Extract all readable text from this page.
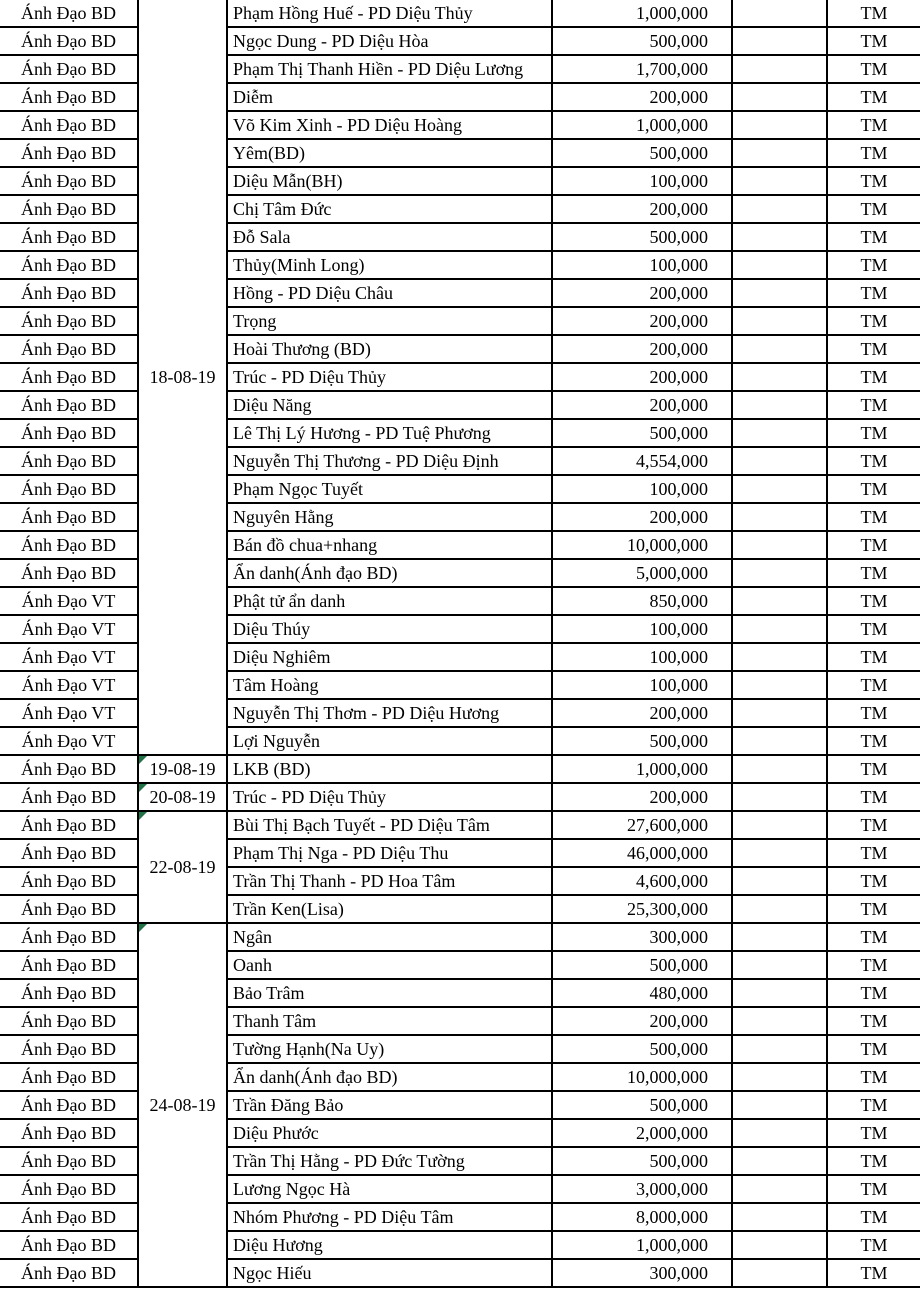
Ánh Đạo BD	18-08-19	Phạm Hồng Huế - PD Diệu Thủy	1,000,000		TM
Ánh Đạo BD		Ngọc Dung - PD Diệu Hòa	500,000		TM
Ánh Đạo BD		Phạm Thị Thanh Hiền - PD Diệu Lương	1,700,000		TM
Ánh Đạo BD		Diễm	200,000		TM
Ánh Đạo BD		Võ Kim Xinh - PD Diệu Hoàng	1,000,000		TM
Ánh Đạo BD		Yêm(BD)	500,000		TM
Ánh Đạo BD		Diệu Mẫn(BH)	100,000		TM
Ánh Đạo BD		Chị Tâm Đức	200,000		TM
Ánh Đạo BD		Đỗ Sala	500,000		TM
Ánh Đạo BD		Thủy(Minh Long)	100,000		TM
Ánh Đạo BD		Hồng - PD Diệu Châu	200,000		TM
Ánh Đạo BD		Trọng	200,000		TM
Ánh Đạo BD		Hoài Thương (BD)	200,000		TM
Ánh Đạo BD		Trúc - PD Diệu Thủy	200,000		TM
Ánh Đạo BD		Diệu Năng	200,000		TM
Ánh Đạo BD		Lê Thị Lý Hương - PD Tuệ Phương	500,000		TM
Ánh Đạo BD		Nguyễn Thị Thương - PD Diệu Định	4,554,000		TM
Ánh Đạo BD		Phạm Ngọc Tuyết	100,000		TM
Ánh Đạo BD		Nguyên Hằng	200,000		TM
Ánh Đạo BD		Bán đồ chua+nhang	10,000,000		TM
Ánh Đạo BD		Ẩn danh(Ánh đạo BD)	5,000,000		TM
Ánh Đạo VT		Phật tử ẩn danh	850,000		TM
Ánh Đạo VT		Diệu Thúy	100,000		TM
Ánh Đạo VT		Diệu Nghiêm	100,000		TM
Ánh Đạo VT		Tâm Hoàng	100,000		TM
Ánh Đạo VT		Nguyễn Thị Thơm - PD Diệu Hương	200,000		TM
Ánh Đạo VT		Lợi Nguyễn	500,000		TM
Ánh Đạo BD	19-08-19	LKB (BD)	1,000,000		TM
Ánh Đạo BD	20-08-19	Trúc - PD Diệu Thủy	200,000		TM
Ánh Đạo BD	22-08-19	Bùi Thị Bạch Tuyết - PD Diệu Tâm	27,600,000		TM
Ánh Đạo BD		Phạm Thị Nga - PD Diệu Thu	46,000,000		TM
Ánh Đạo BD		Trần Thị Thanh - PD Hoa Tâm	4,600,000		TM
Ánh Đạo BD		Trần Ken(Lisa)	25,300,000		TM
Ánh Đạo BD	24-08-19	Ngân	300,000		TM
Ánh Đạo BD		Oanh	500,000		TM
Ánh Đạo BD		Bảo Trâm	480,000		TM
Ánh Đạo BD		Thanh Tâm	200,000		TM
Ánh Đạo BD		Tường Hạnh(Na Uy)	500,000		TM
Ánh Đạo BD		Ẩn danh(Ánh đạo BD)	10,000,000		TM
Ánh Đạo BD		Trần Đăng Bảo	500,000		TM
Ánh Đạo BD		Diệu Phước	2,000,000		TM
Ánh Đạo BD		Trần Thị Hằng - PD Đức Tường	500,000		TM
Ánh Đạo BD		Lương Ngọc Hà	3,000,000		TM
Ánh Đạo BD		Nhóm Phương - PD Diệu Tâm	8,000,000		TM
Ánh Đạo BD		Diệu Hương	1,000,000		TM
Ánh Đạo BD		Ngọc Hiếu	300,000		TM
